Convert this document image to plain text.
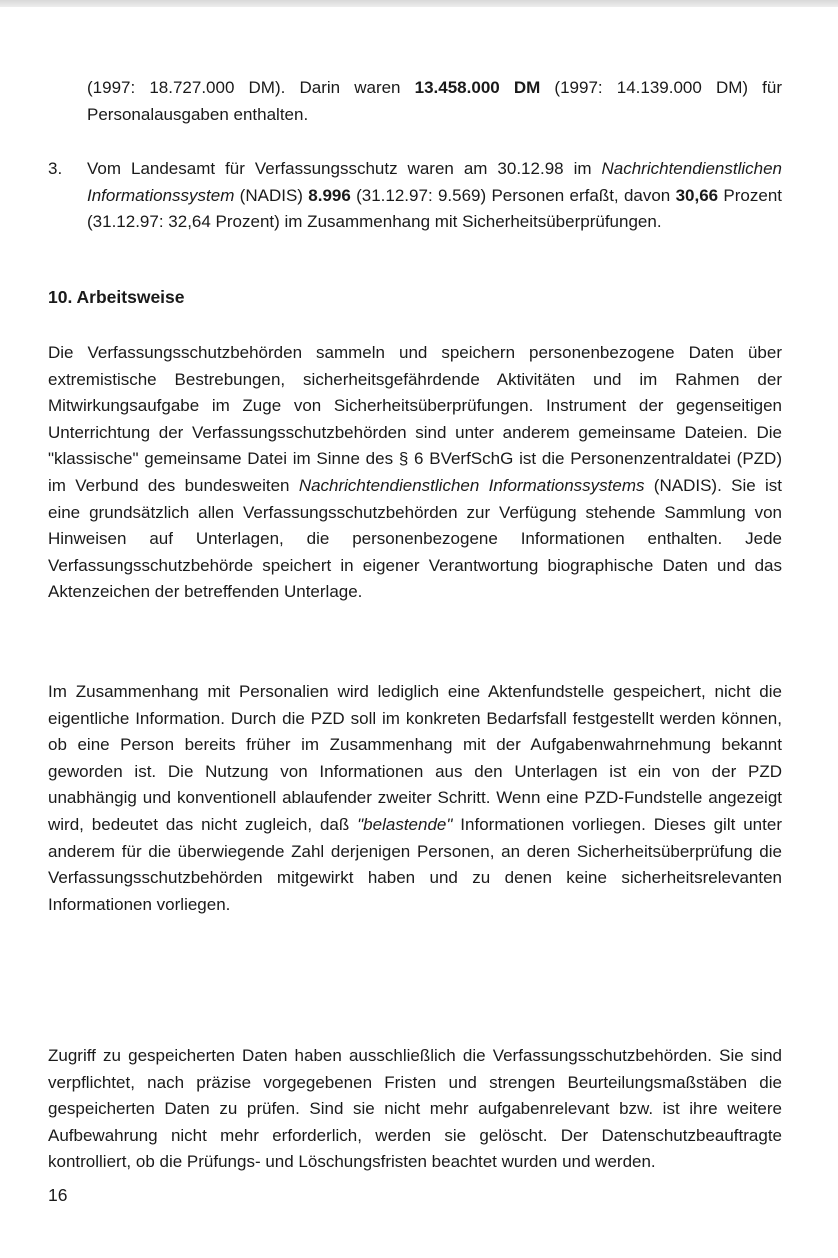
(1997: 18.727.000 DM). Darin waren 13.458.000 DM (1997: 14.139.000 DM) für Personalausgaben enthalten.
3.	Vom Landesamt für Verfassungsschutz waren am 30.12.98 im Nachrichtendienstlichen Informationssystem (NADIS) 8.996 (31.12.97: 9.569) Personen erfaßt, davon 30,66 Prozent (31.12.97: 32,64 Prozent) im Zusammenhang mit Sicherheitsüberprüfungen.
10. Arbeitsweise
Die Verfassungsschutzbehörden sammeln und speichern personenbezogene Daten über extremistische Bestrebungen, sicherheitsgefährdende Aktivitäten und im Rahmen der Mitwirkungsaufgabe im Zuge von Sicherheitsüberprüfungen. Instrument der gegenseitigen Unterrichtung der Verfassungsschutzbehörden sind unter anderem gemeinsame Dateien. Die "klassische" gemeinsame Datei im Sinne des § 6 BVerfSchG ist die Personenzentraldatei (PZD) im Verbund des bundesweiten Nachrichtendienstlichen Informationssystems (NADIS). Sie ist eine grundsätzlich allen Verfassungsschutzbehörden zur Verfügung stehende Sammlung von Hinweisen auf Unterlagen, die personenbezogene Informationen enthalten. Jede Verfassungsschutzbehörde speichert in eigener Verantwortung biographische Daten und das Aktenzeichen der betreffenden Unterlage.
Im Zusammenhang mit Personalien wird lediglich eine Aktenfundstelle gespeichert, nicht die eigentliche Information. Durch die PZD soll im konkreten Bedarfsfall festgestellt werden können, ob eine Person bereits früher im Zusammenhang mit der Aufgabenwahrnehmung bekannt geworden ist. Die Nutzung von Informationen aus den Unterlagen ist ein von der PZD unabhängig und konventionell ablaufender zweiter Schritt. Wenn eine PZD-Fundstelle angezeigt wird, bedeutet das nicht zugleich, daß "belastende" Informationen vorliegen. Dieses gilt unter anderem für die überwiegende Zahl derjenigen Personen, an deren Sicherheitsüberprüfung die Verfassungsschutzbehörden mitgewirkt haben und zu denen keine sicherheitsrelevanten Informationen vorliegen.
Zugriff zu gespeicherten Daten haben ausschließlich die Verfassungsschutzbehörden. Sie sind verpflichtet, nach präzise vorgegebenen Fristen und strengen Beurteilungsmaßstäben die gespeicherten Daten zu prüfen. Sind sie nicht mehr aufgabenrelevant bzw. ist ihre weitere Aufbewahrung nicht mehr erforderlich, werden sie gelöscht. Der Datenschutzbeauftragte kontrolliert, ob die Prüfungs- und Löschungsfristen beachtet wurden und werden.
16
